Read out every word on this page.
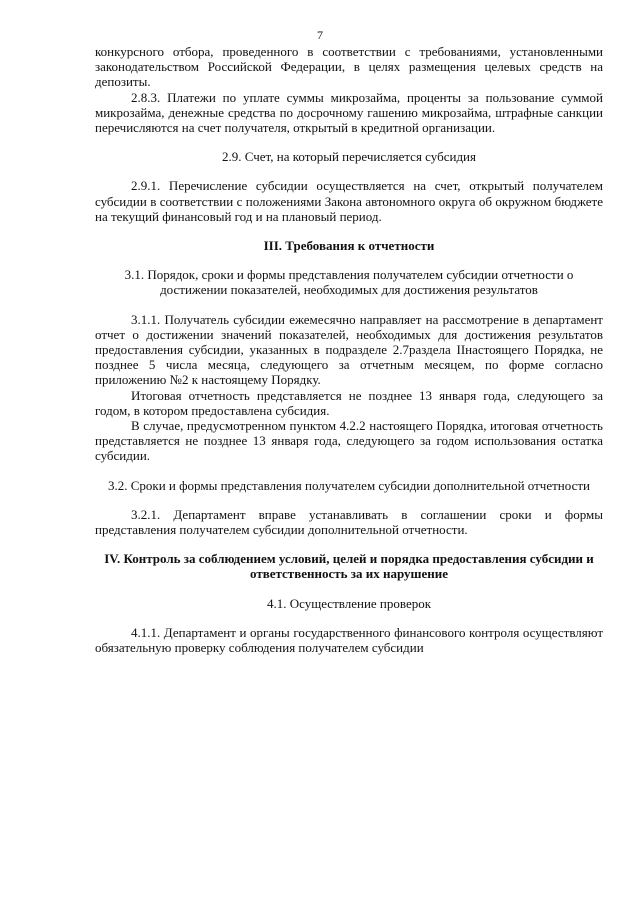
7

конкурсного отбора, проведенного в соответствии с требованиями, установленными законодательством Российской Федерации, в целях размещения целевых средств на депозиты.

2.8.3. Платежи по уплате суммы микрозайма, проценты за пользование суммой микрозайма, денежные средства по досрочному гашению микрозайма, штрафные санкции перечисляются на счет получателя, открытый в кредитной организации.

2.9. Счет, на который перечисляется субсидия

2.9.1. Перечисление субсидии осуществляется на счет, открытый получателем субсидии в соответствии с положениями Закона автономного округа об окружном бюджете на текущий финансовый год и на плановый период.

III. Требования к отчетности

3.1. Порядок, сроки и формы представления получателем субсидии отчетности о достижении показателей, необходимых для достижения результатов

3.1.1. Получатель субсидии ежемесячно направляет на рассмотрение в департамент отчет о достижении значений показателей, необходимых для достижения результатов предоставления субсидии, указанных в подразделе 2.7раздела IIнастоящего Порядка, не позднее 5 числа месяца, следующего за отчетным месяцем, по форме согласно приложению №2 к настоящему Порядку.

Итоговая отчетность представляется не позднее 13 января года, следующего за годом, в котором предоставлена субсидия.

В случае, предусмотренном пунктом 4.2.2 настоящего Порядка, итоговая отчетность представляется не позднее 13 января года, следующего за годом использования остатка субсидии.

3.2. Сроки и формы представления получателем субсидии дополнительной отчетности

3.2.1. Департамент вправе устанавливать в соглашении сроки и формы представления получателем субсидии дополнительной отчетности.

IV. Контроль за соблюдением условий, целей и порядка предоставления субсидии и ответственность за их нарушение

4.1. Осуществление проверок

4.1.1. Департамент и органы государственного финансового контроля осуществляют обязательную проверку соблюдения получателем субсидии
